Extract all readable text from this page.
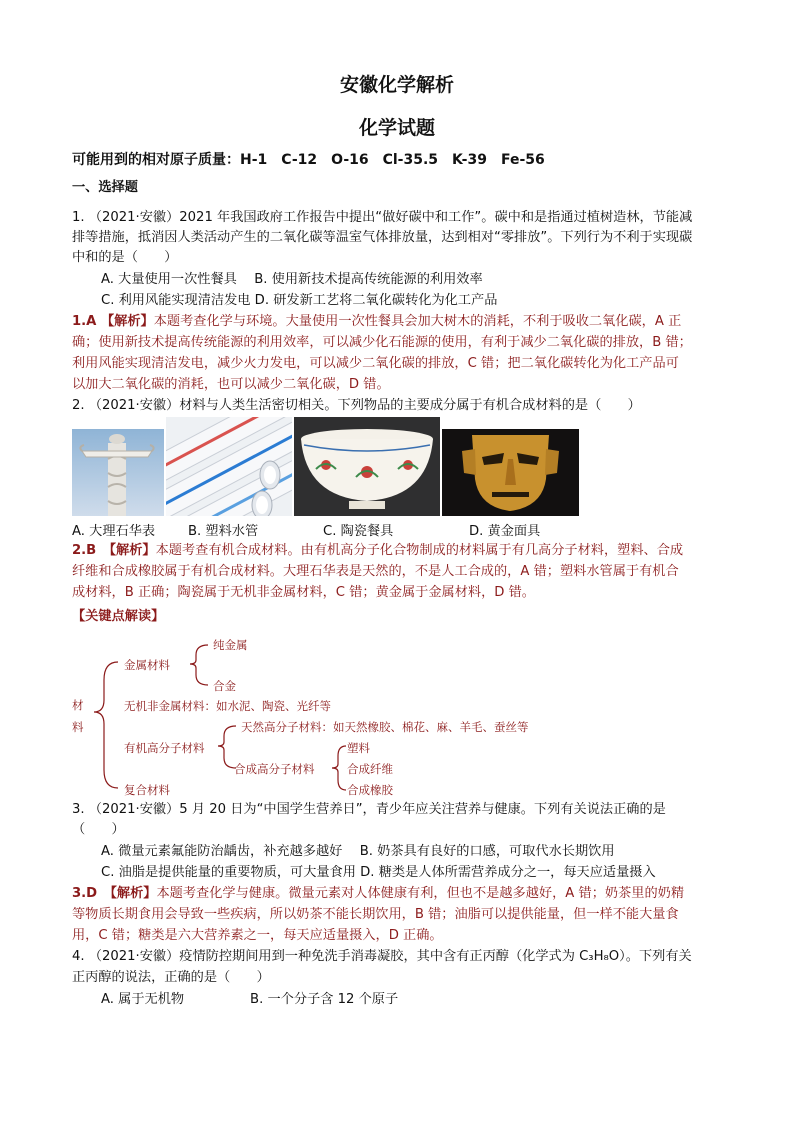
安徽化学解析
化学试题
可能用到的相对原子质量：H-1　C-12　O-16　Cl-35.5　K-39　Fe-56
一、选择题
1. （2021·安徽）2021 年我国政府工作报告中提出“做好碳中和工作”。碳中和是指通过植树造林，节能减
排等措施，抵消因人类活动产生的二氧化碳等温室气体排放量，达到相对“零排放”。下列行为不利于实现碳
中和的是（　　）
A. 大量使用一次性餐具　 B. 使用新技术提高传统能源的利用效率
C. 利用风能实现清洁发电 D. 研发新工艺将二氧化碳转化为化工产品
1.A 【解析】本题考查化学与环境。大量使用一次性餐具会加大树木的消耗，不利于吸收二氧化碳，A 正
确；使用新技术提高传统能源的利用效率，可以减少化石能源的使用，有利于减少二氧化碳的排放，B 错；
利用风能实现清洁发电，减少火力发电，可以减少二氧化碳的排放，C 错；把二氧化碳转化为化工产品可
以加大二氧化碳的消耗，也可以减少二氧化碳，D 错。
2. （2021·安徽）材料与人类生活密切相关。下列物品的主要成分属于有机合成材料的是（　　）
A. 大理石华表 B. 塑料水管	C. 陶瓷餐具	D. 黄金面具
2.B　【解析】本题考查有机合成材料。由有机高分子化合物制成的材料属于有几高分子材料，塑料、合成
纤维和合成橡胶属于有机合成材料。大理石华表是天然的，不是人工合成的，A 错；塑料水管属于有机合
成材料，B 正确；陶瓷属于无机非金属材料，C 错；黄金属于金属材料，D 错。
【关键点解读】
材
料
金属材料
纯金属
合金
无机非金属材料：如水泥、陶瓷、光纤等
有机高分子材料
天然高分子材料：如天然橡胶、棉花、麻、羊毛、蚕丝等
合成高分子材料
塑料
合成纤维
合成橡胶
复合材料
3. （2021·安徽）5 月 20 日为“中国学生营养日”，青少年应关注营养与健康。下列有关说法正确的是
（　　）
A. 微量元素氟能防治龋齿，补充越多越好　 B. 奶茶具有良好的口感，可取代水长期饮用
C. 油脂是提供能量的重要物质，可大量食用 D. 糖类是人体所需营养成分之一，每天应适量摄入
3.D　【解析】本题考查化学与健康。微量元素对人体健康有利，但也不是越多越好，A 错；奶茶里的奶精
等物质长期食用会导致一些疾病，所以奶茶不能长期饮用，B 错；油脂可以提供能量，但一样不能大量食
用，C 错；糖类是六大营养素之一，每天应适量摄入，D 正确。
4. （2021·安徽）疫情防控期间用到一种免洗手消毒凝胶，其中含有正丙醇（化学式为 C₃H₈O）。下列有关
正丙醇的说法，正确的是（　　）
A. 属于无机物　　　　　B. 一个分子含 12 个原子
